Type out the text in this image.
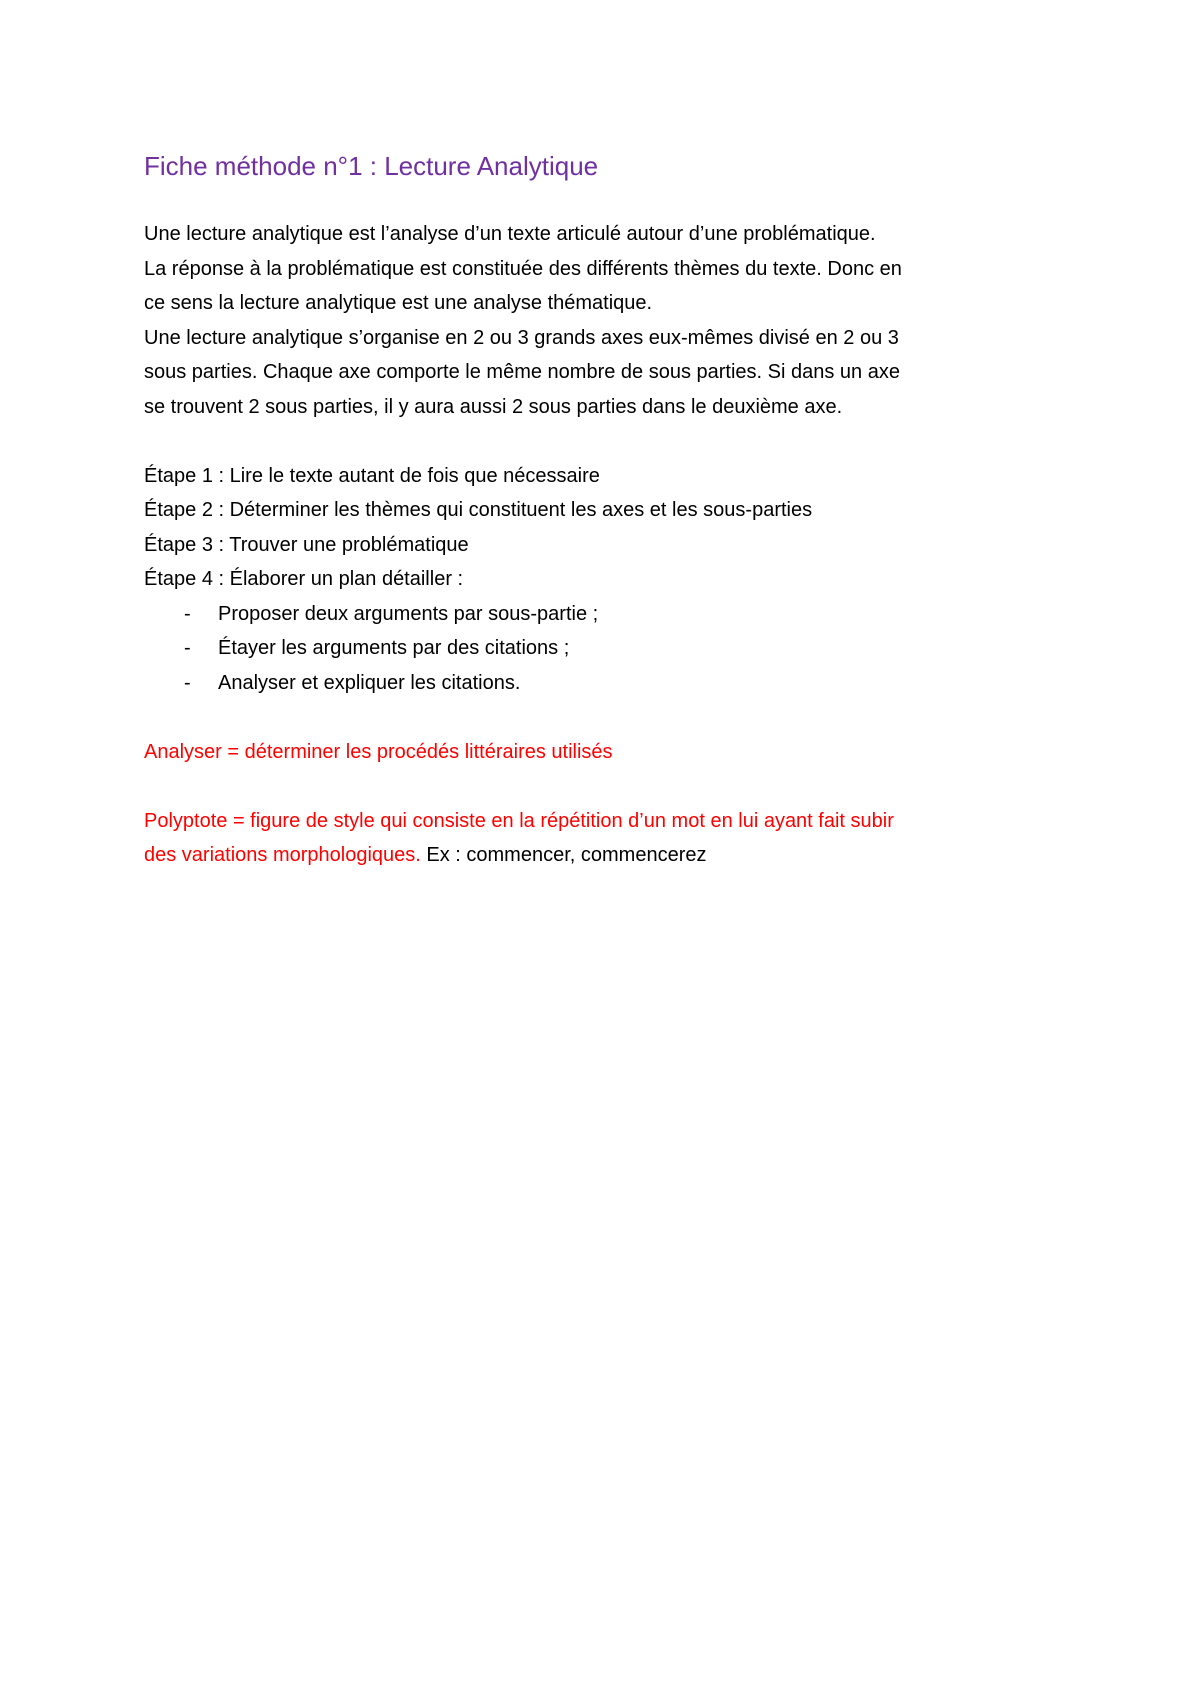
Fiche méthode n°1 : Lecture Analytique

Une lecture analytique est l’analyse d’un texte articulé autour d’une problématique.

La réponse à la problématique est constituée des différents thèmes du texte. Donc en

ce sens la lecture analytique est une analyse thématique.

Une lecture analytique s’organise en 2 ou 3 grands axes eux-mêmes divisé en 2 ou 3

sous parties. Chaque axe comporte le même nombre de sous parties. Si dans un axe

se trouvent 2 sous parties, il y aura aussi 2 sous parties dans le deuxième axe.

Étape 1 : Lire le texte autant de fois que nécessaire

Étape 2 : Déterminer les thèmes qui constituent les axes et les sous-parties

Étape 3 : Trouver une problématique

Étape 4 : Élaborer un plan détailler :

- Proposer deux arguments par sous-partie ;
- Étayer les arguments par des citations ;
- Analyser et expliquer les citations.

Analyser = déterminer les procédés littéraires utilisés

Polyptote = figure de style qui consiste en la répétition d’un mot en lui ayant fait subir

des variations morphologiques. Ex : commencer, commencerez
